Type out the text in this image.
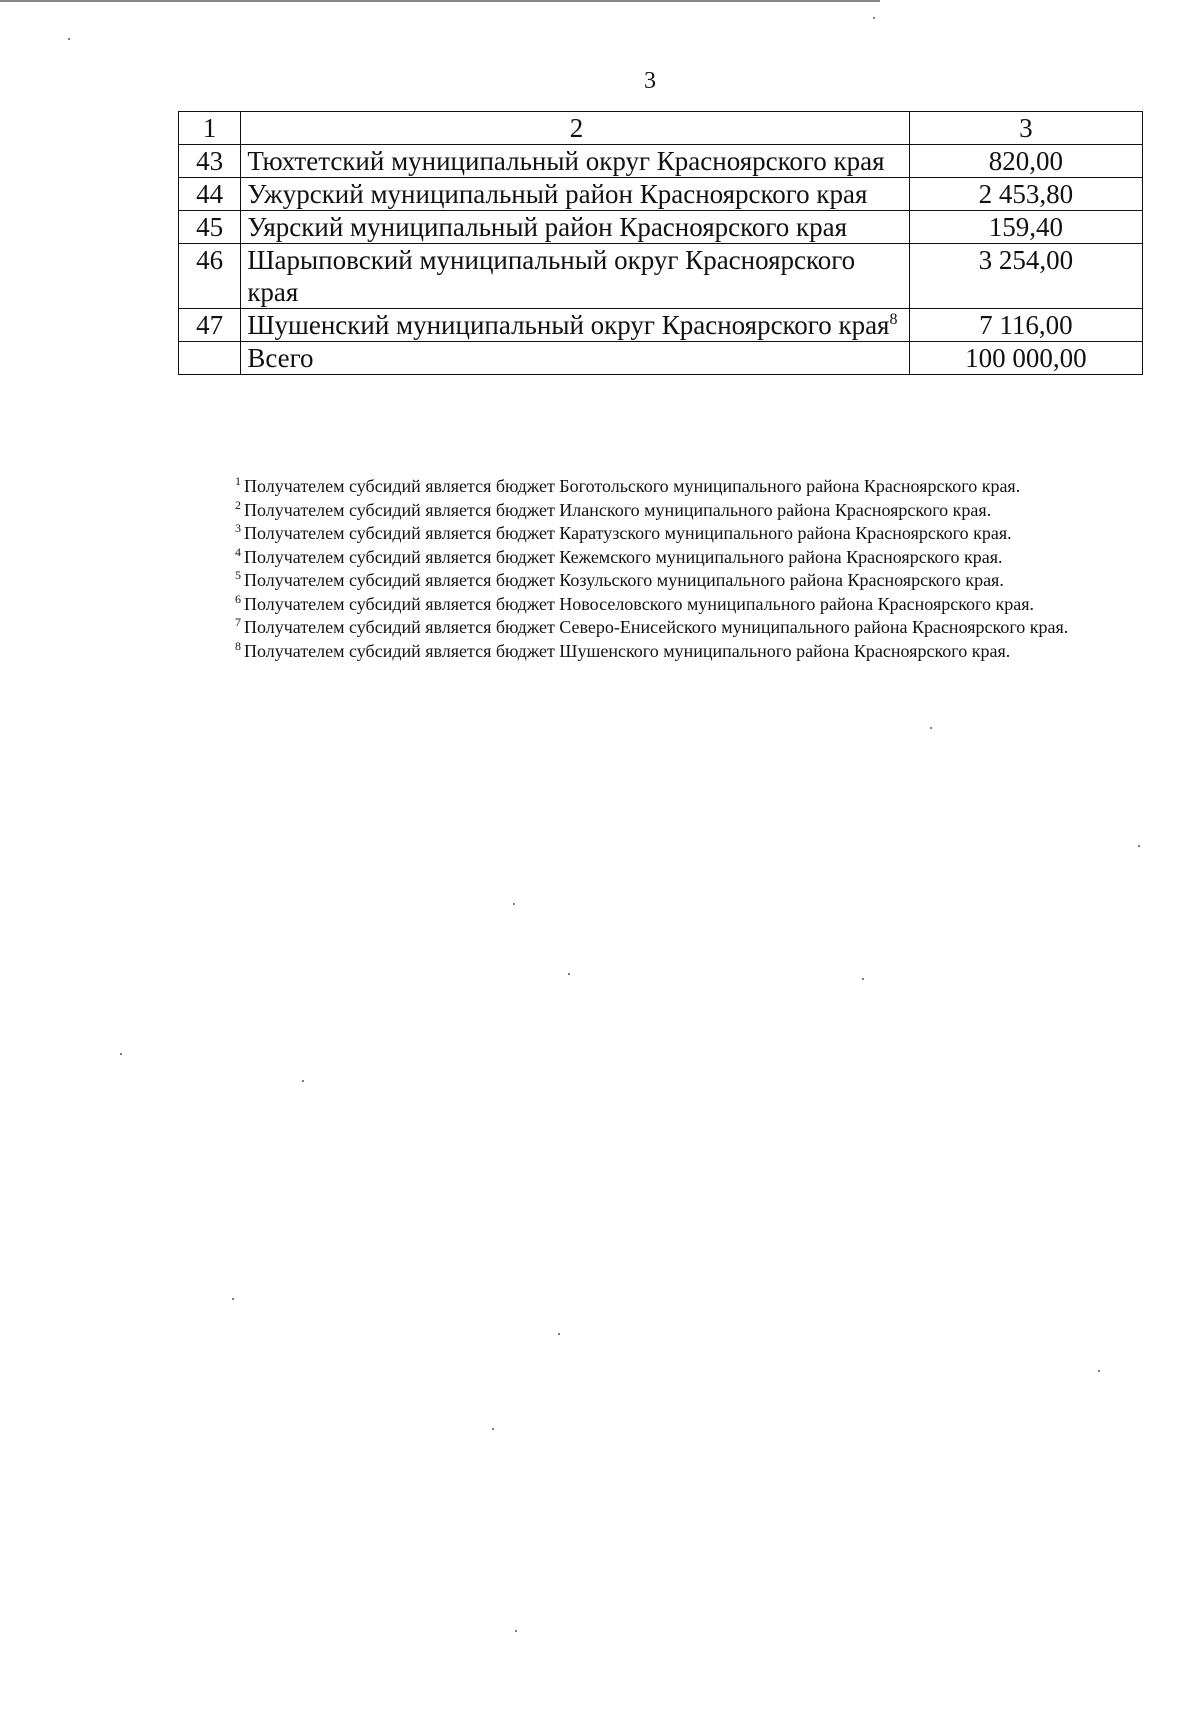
3
1	2	3
43	Тюхтетский муниципальный округ Красноярского края	820,00
44	Ужурский муниципальный район Красноярского края	2 453,80
45	Уярский муниципальный район Красноярского края	159,40
46	Шарыповский муниципальный округ Красноярского края	3 254,00
47	Шушенский муниципальный округ Красноярского края$^8$	7 116,00
	Всего	100 000,00
$^1$ Получателем субсидий является бюджет Боготольского муниципального района Красноярского края.
$^2$ Получателем субсидий является бюджет Иланского муниципального района Красноярского края.
$^3$ Получателем субсидий является бюджет Каратузского муниципального района Красноярского края.
$^4$ Получателем субсидий является бюджет Кежемского муниципального района Красноярского края.
$^5$ Получателем субсидий является бюджет Козульского муниципального района Красноярского края.
$^6$ Получателем субсидий является бюджет Новоселовского муниципального района Красноярского края.
$^7$ Получателем субсидий является бюджет Северо-Енисейского муниципального района Красноярского края.
$^8$ Получателем субсидий является бюджет Шушенского муниципального района Красноярского края.
